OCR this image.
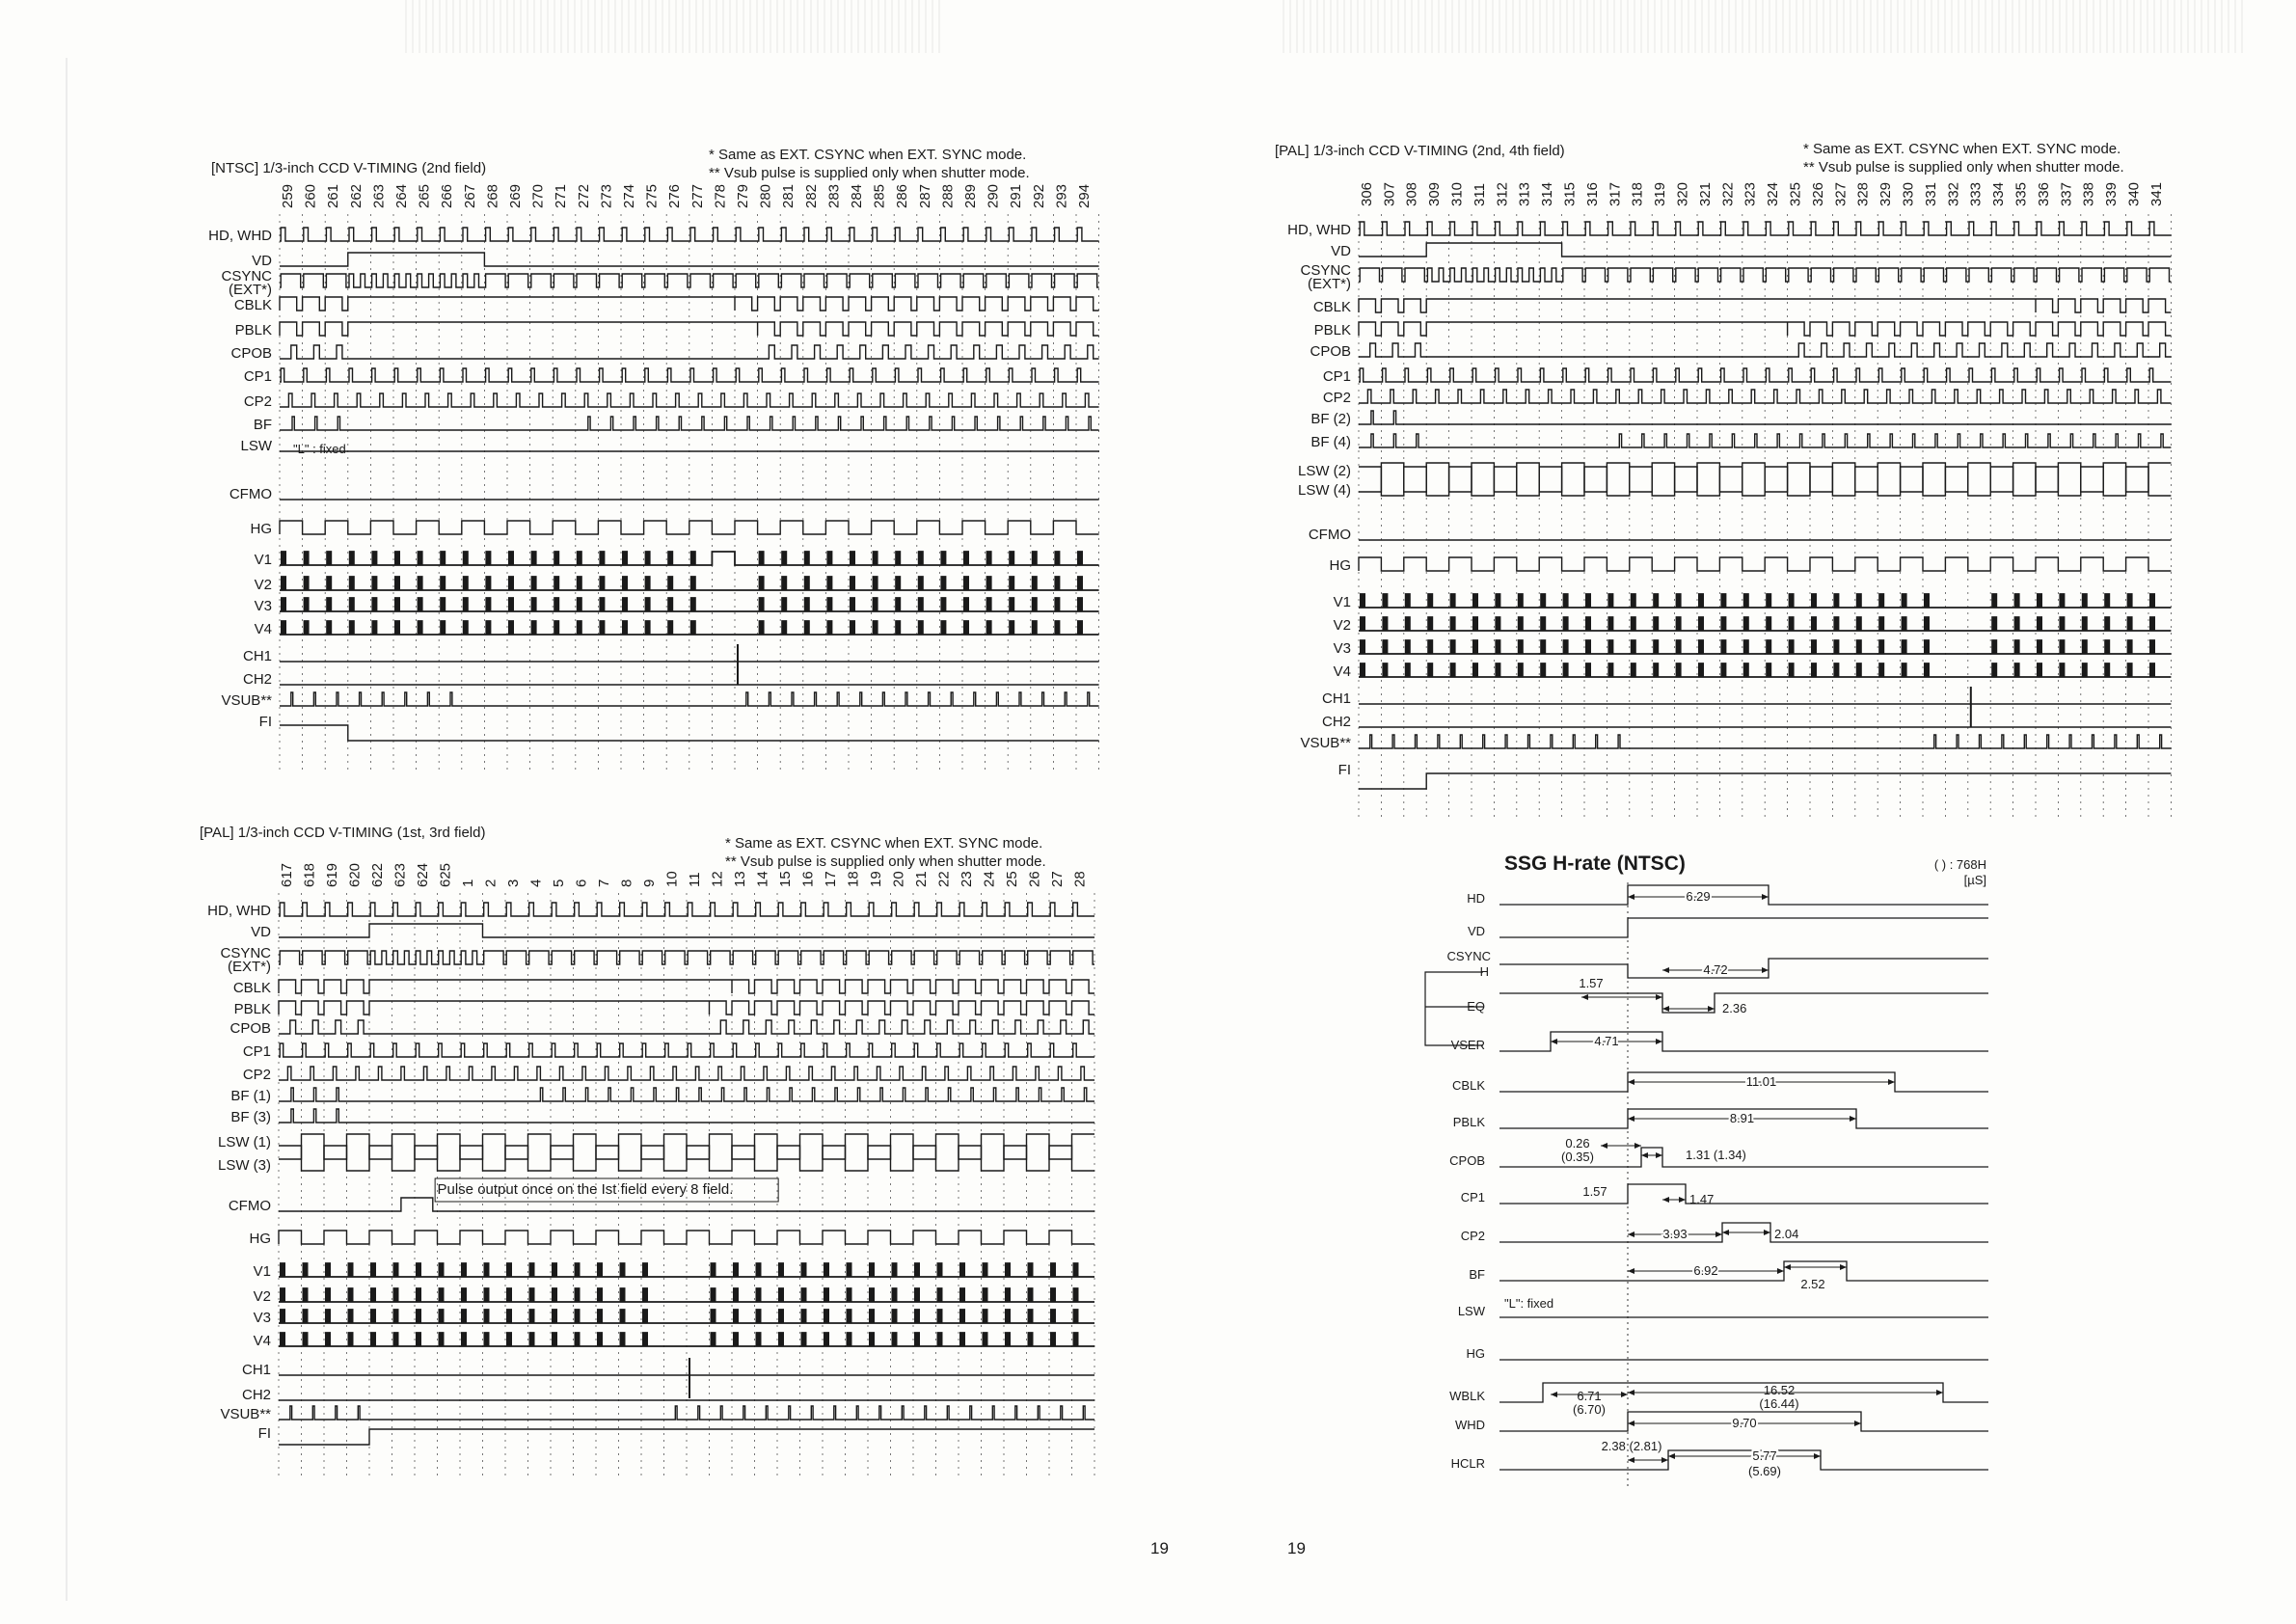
[NTSC] 1/3-inch CCD V-TIMING (2nd field)
* Same as EXT. CSYNC when EXT. SYNC mode.
** Vsub pulse is supplied only when shutter mode.
259 260 261 262 263 264 265 266 267 268 269 270 271 272 273 274 275 276 277 278 279 280 281 282 283 284 285 286 287 288 289 290 291 292 293 294
HD, WHD
VD
CSYNC
(EXT*)
CBLK
PBLK
CPOB
CP1
CP2
BF
LSW
CFMO
HG
V1
V2
V3
V4
CH1
CH2
VSUB**
FI
"L" : fixed
[PAL] 1/3-inch CCD V-TIMING (2nd, 4th field)	* Same as EXT. CSYNC when EXT. SYNC mode.
** Vsub pulse is supplied only when shutter mode.
306 307 308 309 310 311 312 313 314 315 316 317 318 319 320 321 322 323 324 325 326 327 328 329 330 331 332 333 334 335 336 337 338 339 340 341
HD, WHD
VD
CSYNC
(EXT*)
CBLK
PBLK
CPOB
CP1
CP2
BF (2)
BF (4)
LSW (2)
LSW (4)
CFMO
HG
V1
V2
V3
V4
CH1
CH2
VSUB**
FI
[PAL] 1/3-inch CCD V-TIMING (1st, 3rd field)
* Same as EXT. CSYNC when EXT. SYNC mode.
** Vsub pulse is supplied only when shutter mode.
617 618 619 620 622 623 624 625 1 2 3 4 5 6 7 8 9 10 11 12 13 14 15 16 17 18 19 20 21 22 23 24 25 26 27 28
HD, WHD
VD
CSYNC
(EXT*)
CBLK
PBLK
CPOB
CP1
CP2
BF (1)
BF (3)
LSW (1)
LSW (3)
CFMO
HG
V1
V2
V3
V4
CH1
CH2
VSUB**
FI
Pulse output once on the Ist field every 8 field.
SSG H-rate (NTSC)	( ) : 768H
[µS]
HD
VD
CSYNC
H
EQ
VSER
CBLK
PBLK
CPOB
CP1
CP2
BF
LSW
HG
WBLK
WHD
HCLR
6.29
4.72
1.57
2.36
4.71
11.01
8.91
0.26
(0.35)	1.31 (1.34)
1.57
1.47
3.93	2.04
6.92
2.52
"L": fixed
6.71
(6.70)
16.52
(16.44)
9.70
2.38 (2.81)
5.77
(5.69)
19	19
